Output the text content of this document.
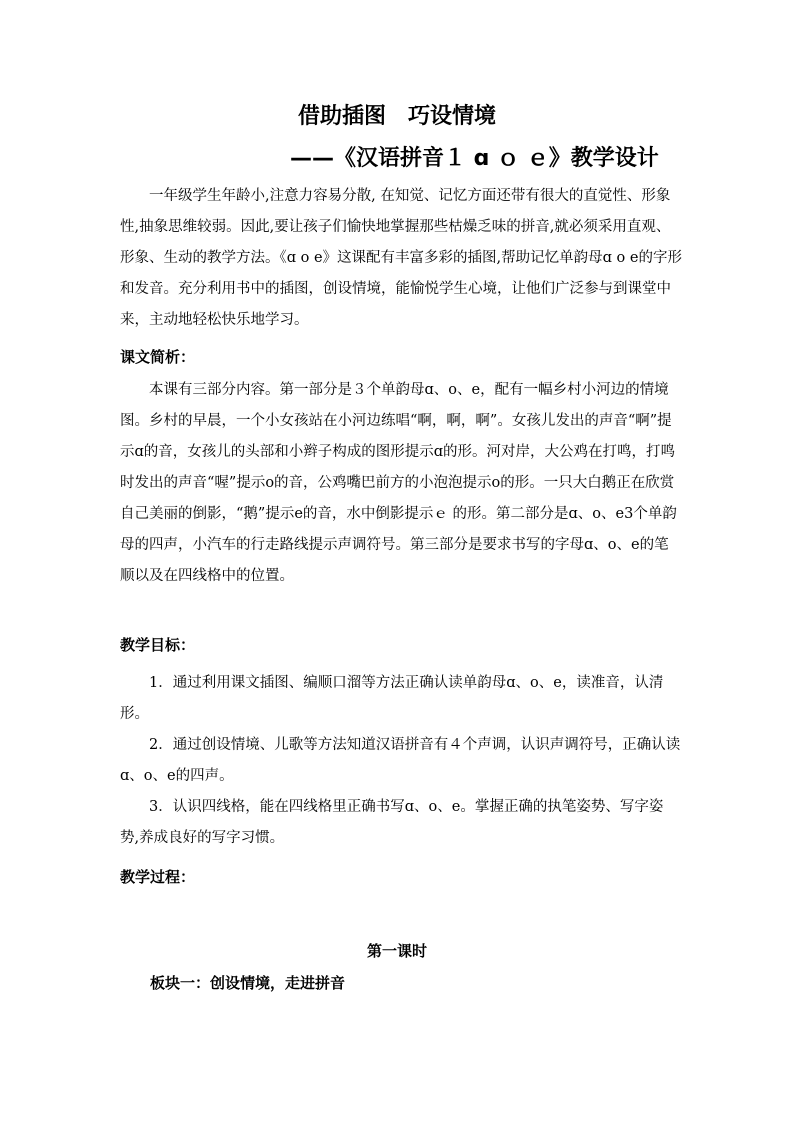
借助插图　巧设情境
——《汉语拼音１ ɑ ｏ ｅ》教学设计

一年级学生年龄小,注意力容易分散, 在知觉、记忆方面还带有很大的直觉性、形象性,抽象思维较弱。因此,要让孩子们愉快地掌握那些枯燥乏味的拼音,就必须采用直观、形象、生动的教学方法。《ɑ o e》这课配有丰富多彩的插图,帮助记忆单韵母ɑ o e的字形和发音。充分利用书中的插图，创设情境，能愉悦学生心境，让他们广泛参与到课堂中来，主动地轻松快乐地学习。

课文简析：

本课有三部分内容。第一部分是３个单韵母ɑ、o、e，配有一幅乡村小河边的情境图。乡村的早晨，一个小女孩站在小河边练唱“啊，啊，啊”。女孩儿发出的声音“啊”提示ɑ的音，女孩儿的头部和小辫子构成的图形提示ɑ的形。河对岸，大公鸡在打鸣，打鸣时发出的声音“喔”提示o的音，公鸡嘴巴前方的小泡泡提示o的形。一只大白鹅正在欣赏自己美丽的倒影，“鹅”提示e的音，水中倒影提示ｅ 的形。第二部分是ɑ、o、e3个单韵母的四声，小汽车的行走路线提示声调符号。第三部分是要求书写的字母ɑ、o、e的笔顺以及在四线格中的位置。

教学目标：

1．通过利用课文插图、编顺口溜等方法正确认读单韵母ɑ、o、e，读准音，认清形。

2．通过创设情境、儿歌等方法知道汉语拼音有４个声调，认识声调符号，正确认读ɑ、o、e的四声。

3．认识四线格，能在四线格里正确书写ɑ、o、e。掌握正确的执笔姿势、写字姿势,养成良好的写字习惯。

教学过程：
第一课时
板块一：创设情境，走进拼音
